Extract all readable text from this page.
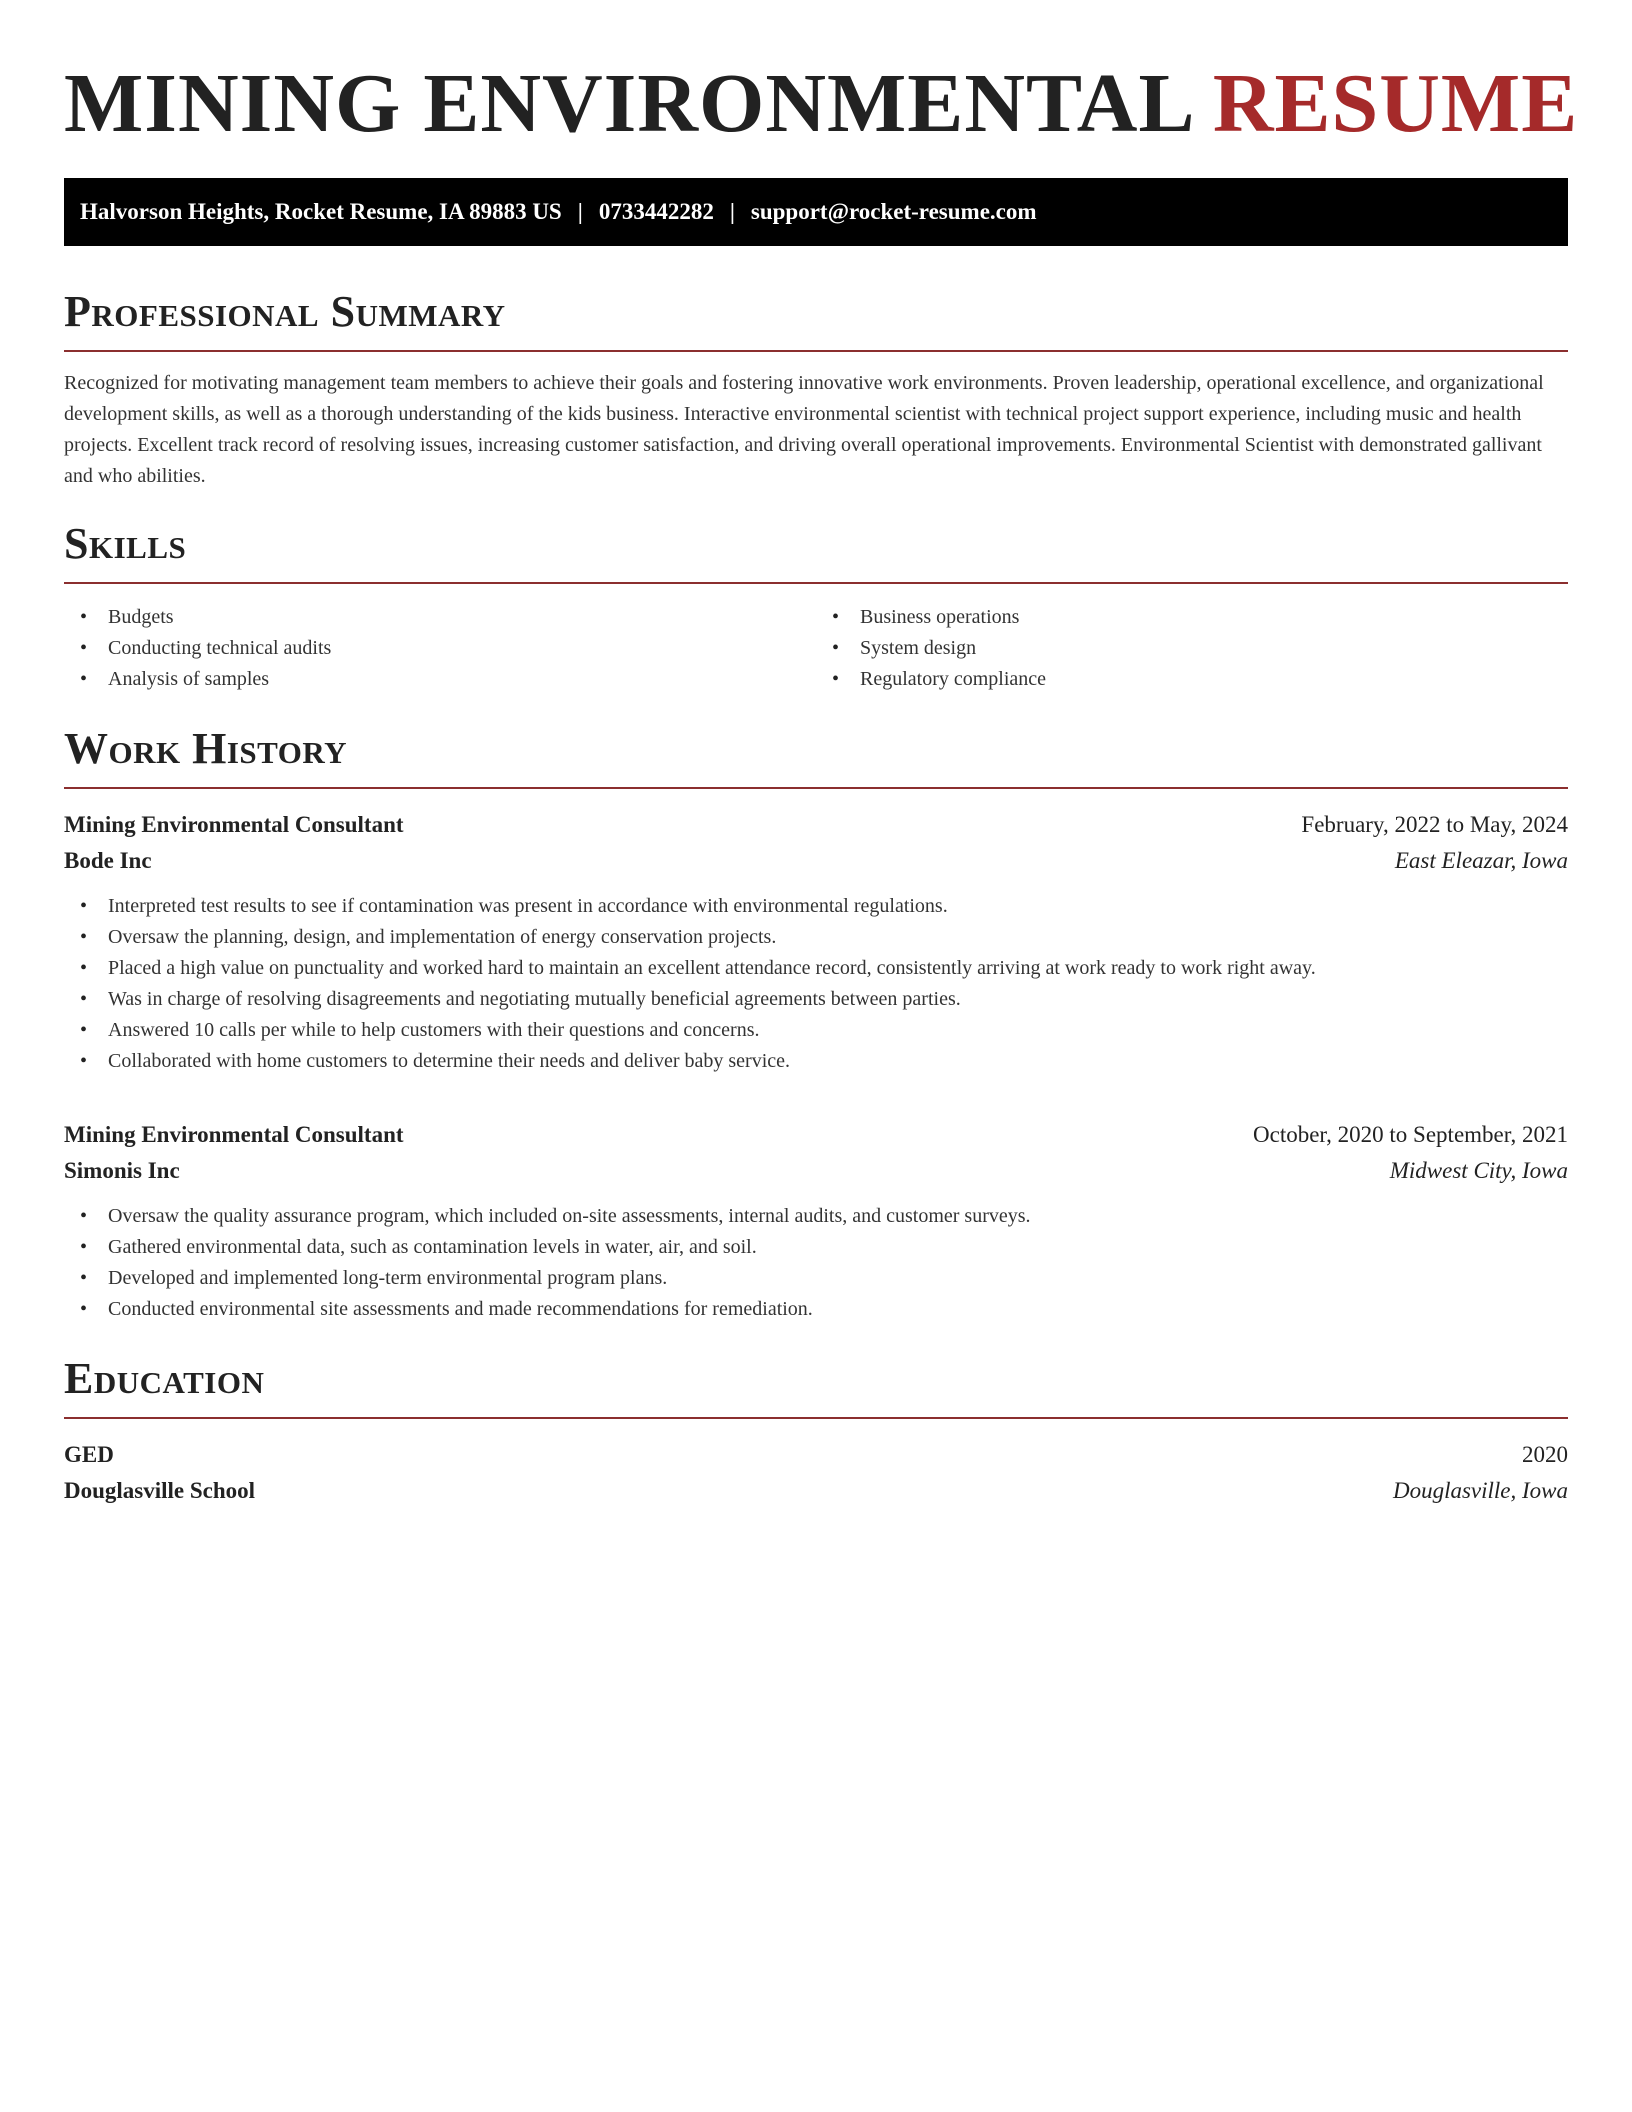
MINING ENVIRONMENTAL RESUME
Halvorson Heights, Rocket Resume, IA 89883 US | 0733442282 | support@rocket-resume.com
Professional Summary

Recognized for motivating management team members to achieve their goals and fostering innovative work environments. Proven leadership, operational excellence, and organizational development skills, as well as a thorough understanding of the kids business. Interactive environmental scientist with technical project support experience, including music and health projects. Excellent track record of resolving issues, increasing customer satisfaction, and driving overall operational improvements. Environmental Scientist with demonstrated gallivant and who abilities.

Skills
• Budgets
• Conducting technical audits
• Analysis of samples
• Business operations
• System design
• Regulatory compliance
Work History
Mining Environmental Consultant	February, 2022 to May, 2024
Bode Inc	East Eleazar, Iowa
• Interpreted test results to see if contamination was present in accordance with environmental regulations.
• Oversaw the planning, design, and implementation of energy conservation projects.
• Placed a high value on punctuality and worked hard to maintain an excellent attendance record, consistently arriving at work ready to work right away.
• Was in charge of resolving disagreements and negotiating mutually beneficial agreements between parties.
• Answered 10 calls per while to help customers with their questions and concerns.
• Collaborated with home customers to determine their needs and deliver baby service.
Mining Environmental Consultant	October, 2020 to September, 2021
Simonis Inc	Midwest City, Iowa
• Oversaw the quality assurance program, which included on-site assessments, internal audits, and customer surveys.
• Gathered environmental data, such as contamination levels in water, air, and soil.
• Developed and implemented long-term environmental program plans.
• Conducted environmental site assessments and made recommendations for remediation.
Education
GED	2020
Douglasville School	Douglasville, Iowa
